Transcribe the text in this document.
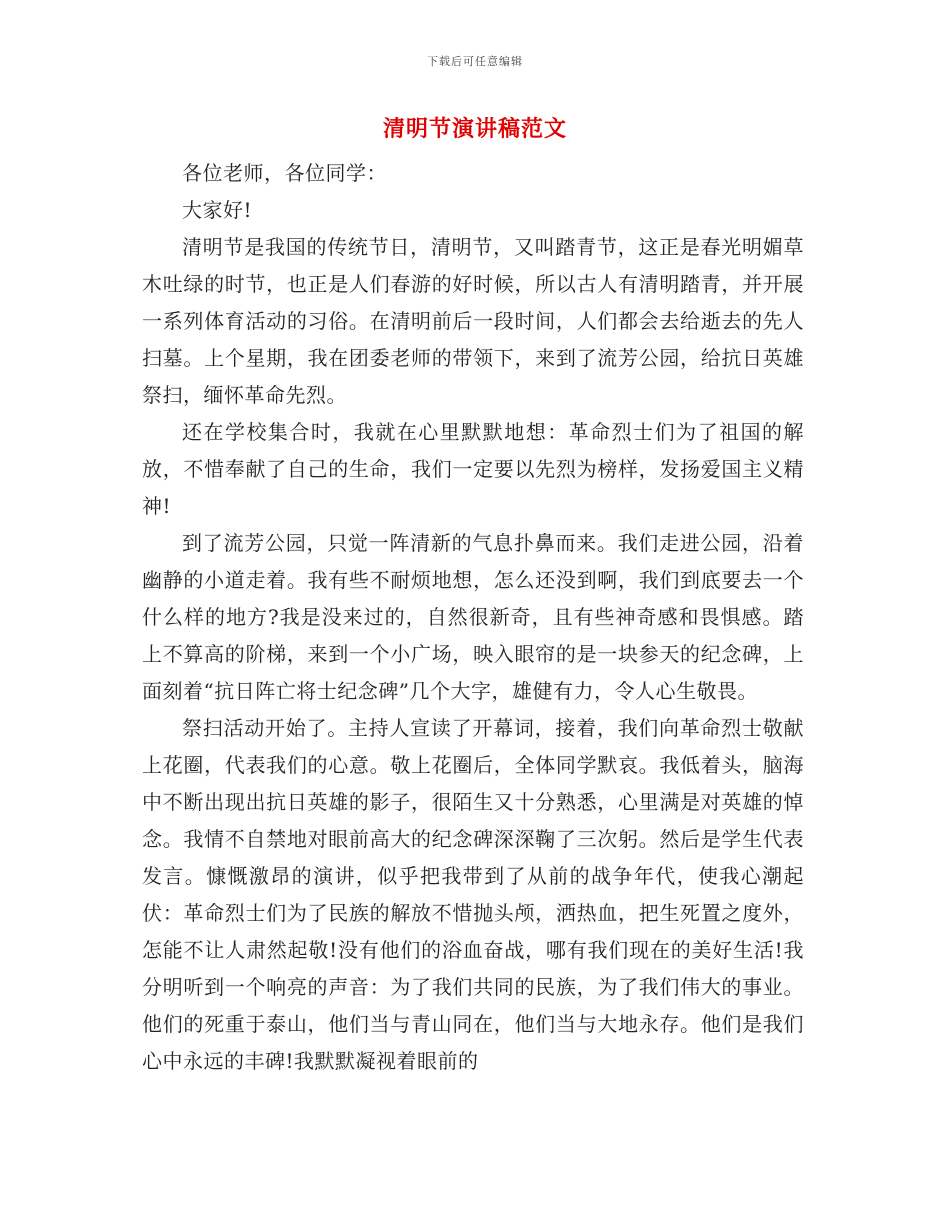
下载后可任意编辑
清明节演讲稿范文

各位老师，各位同学：

大家好!

清明节是我国的传统节日，清明节，又叫踏青节，这正是春光明媚草木吐绿的时节，也正是人们春游的好时候，所以古人有清明踏青，并开展一系列体育活动的习俗。在清明前后一段时间，人们都会去给逝去的先人扫墓。上个星期，我在团委老师的带领下，来到了流芳公园，给抗日英雄祭扫，缅怀革命先烈。

还在学校集合时，我就在心里默默地想：革命烈士们为了祖国的解放，不惜奉献了自己的生命，我们一定要以先烈为榜样，发扬爱国主义精神!

到了流芳公园，只觉一阵清新的气息扑鼻而来。我们走进公园，沿着幽静的小道走着。我有些不耐烦地想，怎么还没到啊，我们到底要去一个什么样的地方?我是没来过的，自然很新奇，且有些神奇感和畏惧感。踏上不算高的阶梯，来到一个小广场，映入眼帘的是一块参天的纪念碑，上面刻着“抗日阵亡将士纪念碑”几个大字，雄健有力，令人心生敬畏。

祭扫活动开始了。主持人宣读了开幕词，接着，我们向革命烈士敬献上花圈，代表我们的心意。敬上花圈后，全体同学默哀。我低着头，脑海中不断出现出抗日英雄的影子，很陌生又十分熟悉，心里满是对英雄的悼念。我情不自禁地对眼前高大的纪念碑深深鞠了三次躬。然后是学生代表发言。慷慨激昂的演讲，似乎把我带到了从前的战争年代，使我心潮起伏：革命烈士们为了民族的解放不惜抛头颅，洒热血，把生死置之度外，怎能不让人肃然起敬!没有他们的浴血奋战，哪有我们现在的美好生活!我分明听到一个响亮的声音：为了我们共同的民族，为了我们伟大的事业。他们的死重于泰山，他们当与青山同在，他们当与大地永存。他们是我们心中永远的丰碑!我默默凝视着眼前的
